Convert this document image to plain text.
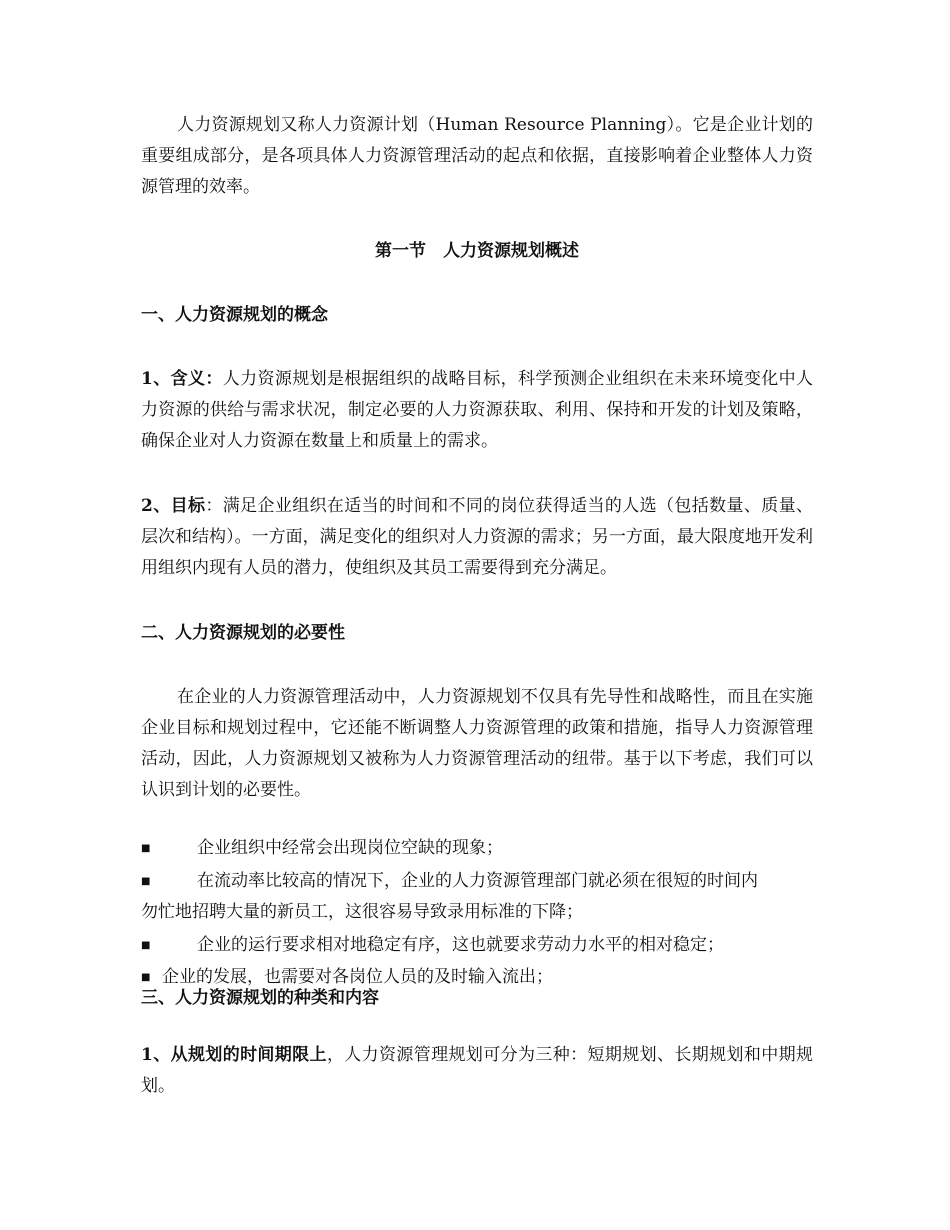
人力资源规划又称人力资源计划（Human Resource Planning）。它是企业计划的重要组成部分，是各项具体人力资源管理活动的起点和依据，直接影响着企业整体人力资源管理的效率。

第一节　人力资源规划概述

一、人力资源规划的概念

1、含义：人力资源规划是根据组织的战略目标，科学预测企业组织在未来环境变化中人力资源的供给与需求状况，制定必要的人力资源获取、利用、保持和开发的计划及策略，确保企业对人力资源在数量上和质量上的需求。

2、目标：满足企业组织在适当的时间和不同的岗位获得适当的人选（包括数量、质量、层次和结构）。一方面，满足变化的组织对人力资源的需求；另一方面，最大限度地开发利用组织内现有人员的潜力，使组织及其员工需要得到充分满足。

二、人力资源规划的必要性

在企业的人力资源管理活动中，人力资源规划不仅具有先导性和战略性，而且在实施企业目标和规划过程中，它还能不断调整人力资源管理的政策和措施，指导人力资源管理活动，因此，人力资源规划又被称为人力资源管理活动的纽带。基于以下考虑，我们可以认识到计划的必要性。

■	企业组织中经常会出现岗位空缺的现象；
■	在流动率比较高的情况下，企业的人力资源管理部门就必须在很短的时间内
勿忙地招聘大量的新员工，这很容易导致录用标准的下降；
■	企业的运行要求相对地稳定有序，这也就要求劳动力水平的相对稳定；
■ 企业的发展，也需要对各岗位人员的及时输入流出；

三、人力资源规划的种类和内容

1、从规划的时间期限上，人力资源管理规划可分为三种：短期规划、长期规划和中期规划。
